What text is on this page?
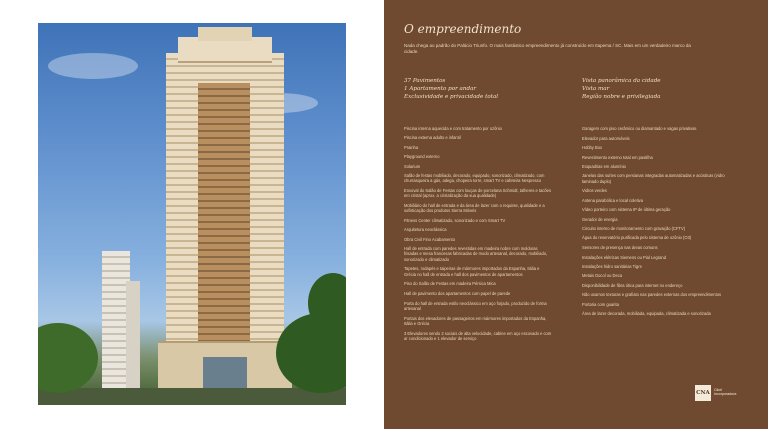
O empreendimento

Nada chega ao padrão do Palácio Triunfo. O mais fantástico empreendimento já construído em Itapema / SC. Mais em um verdadeiro marco da cidade.

37 Pavimentos
1 Apartamento por andar
Exclusividade e privacidade total
Vista panorâmica da cidade
Vista mar
Região nobre e privilegiada
Piscina interna aquecida e com tratamento por ozônio
Piscina externa adulto e infantil
Prainha
Playground externo
Solarium
Salão de festas mobiliado, decorado, equipado, sonorizado, climatizado, com churrasqueira a gás, adega, chopeira torre, smart TV e cafeteira Nespresso
Enxoval do Salão de Festas com louças de porcelana Schmidt, talheres e tacões em cristal (aprox. a cristalização da sua qualidade)
Mobiliário do hall de entrada e da área de lazer com o requinte, qualidade e a sofisticação dos produtos Sierra Móveis
Fitness Center climatizado, sonorizado e com Smart TV
Arquitetura neoclássica
Obra Civil Fino Acabamento
Hall de entrada com paredes revestidas em madeira nobre com molduras frisadas e mesa francesas fabricadas de modo artesanal, decorado, mobiliado, sonorizado e climatizado
Tapetes, rodapés e taipeiras de mármores importados da Espanha, Itália e Grécia no hall de entrada e hall dos pavimentos de apartamentos
Piso do Salão de Festas em madeira Pérsica Mica
Hall de pavimento dos apartamentos com papel de parede
Porta do hall de entrada estilo neoclássico em aço forjado, produzido de forma artesanal
Portais dos elevadores de passageiros em mármores importados da Espanha, Itália e Grécia
3 Elevadores sendo 2 sociais de alta velocidade, cabine em aço escovado e com ar condicionado e 1 elevador de serviço
Garagem com piso cerâmico ou diamantado e vagas privativas
Elevador para automóveis
Hobby Box
Revestimento externo total em pastilha
Esquadrias em alumínio
Janelas das suítes com persianas integradas automatizadas e acústicas (vidro laminado duplo)
Vidros verdes
Antena parabólica e local coletiva
Vídeo porteiro com sistema IP de última geração
Gerador de energia
Circuito interno de monitoramento com gravação (CFTV)
Água do reservatório purificada pelo sistema de ozônio (O3)
Sensores de presença nas áreas comuns
Instalações elétricas Siemens ou Pial Legrand
Instalações hidro sanitárias Tigre
Metais Docol ou Deca
Disponibilidade de fibra ótica para internet no endereço
Não usamos texturas e grafiato nas paredes externas dos empreendimentos
Portaria com guarita
Área de lazer decorada, mobiliada, equipada, climatizada e sonorizada
CNA	Cikel
Incorporadora
